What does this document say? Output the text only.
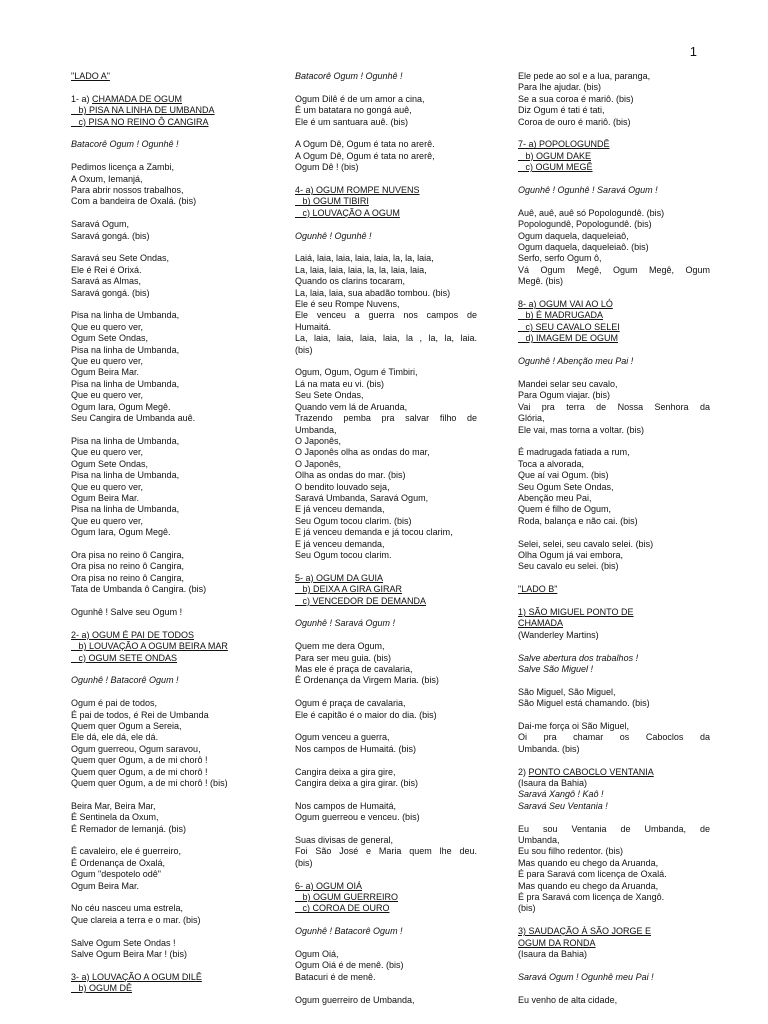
1
"LADO A"
1- a) CHAMADA DE OGUM
b) PISA NA LINHA DE UMBANDA
c) PISA NO REINO Ô CANGIRA
Batacorê Ogum ! Ogunhê !
Pedimos licença a Zambi,
A Oxum, Iemanjá,
Para abrir nossos trabalhos,
Com a bandeira de Oxalá. (bis)
Saravá Ogum,
Saravá gongá. (bis)
Saravá seu Sete Ondas,
Ele é Rei é Orixá.
Saravá as Almas,
Saravá gongá. (bis)
Pisa na linha de Umbanda,
Que eu quero ver,
Ogum Sete Ondas,
Pisa na linha de Umbanda,
Que eu quero ver,
Ogum Beira Mar.
Pisa na linha de Umbanda,
Que eu quero ver,
Ogum Iara, Ogum Megê.
Seu Cangira de Umbanda auê.
Pisa na linha de Umbanda,
Que eu quero ver,
Ogum Sete Ondas,
Pisa na linha de Umbanda,
Que eu quero ver,
Ogum Beira Mar.
Pisa na linha de Umbanda,
Que eu quero ver,
Ogum Iara, Ogum Megê.
Ora pisa no reino ô Cangira,
Ora pisa no reino ô Cangira,
Ora pisa no reino ô Cangira,
Tata de Umbanda ô Cangira. (bis)
Ogunhê ! Salve seu Ogum !
2- a) OGUM É PAI DE TODOS
b) LOUVAÇÃO A OGUM BEIRA MAR
c) OGUM SETE ONDAS
Ogunhê ! Batacorê Ogum !
Ogum é pai de todos,
É pai de todos, é Rei de Umbanda
Quem quer Ogum a Sereia,
Ele dá, ele dá, ele dá.
Ogum guerreou, Ogum saravou,
Quem quer Ogum, a de mi chorô !
Quem quer Ogum, a de mi chorô !
Quem quer Ogum, a de mi chorô ! (bis)
Beira Mar, Beira Mar,
É Sentinela da Oxum,
É Remador de Iemanjá. (bis)
É cavaleiro, ele é guerreiro,
É Ordenança de Oxalá,
Ogum "despotelo odê"
Ogum Beira Mar.
No céu nasceu uma estrela,
Que clareia a terra e o mar. (bis)
Salve Ogum Sete Ondas !
Salve Ogum Beira Mar ! (bis)
3- a) LOUVAÇÃO A OGUM DILÊ
b) OGUM DÊ
Batacorê Ogum ! Ogunhê !
Ogum Dilê é de um amor a cina,
É um batatara no gongá auê,
Ele é um santuara auê. (bis)
A Ogum Dê, Ogum é tata no arerê.
A Ogum Dê, Ogum é tata no arerê,
Ogum Dê ! (bis)
4- a) OGUM ROMPE NUVENS
b) OGUM TIBIRI
c) LOUVAÇÃO A OGUM
Ogunhê ! Ogunhê !
Laiá, laia, laia, laia, laia, la, la, laia,
La, laia, laia, laia, la, la, laia, laia,
Quando os clarins tocaram,
La, laia, laia, sua abadão tombou. (bis)
Ele é seu Rompe Nuvens,
Ele venceu a guerra nos campos de
Humaitá.
La, laia, laia, laia, laia, la , la, la, laia.
(bis)
Ogum, Ogum, Ogum é Timbiri,
Lá na mata eu vi. (bis)
Seu Sete Ondas,
Quando vem lá de Aruanda,
Trazendo pemba pra salvar filho de
Umbanda,
O Japonês,
O Japonês olha as ondas do mar,
O Japonês,
Olha as ondas do mar. (bis)
O bendito louvado seja,
Saravá Umbanda, Saravá Ogum,
E já venceu demanda,
Seu Ogum tocou clarim. (bis)
E já venceu demanda e já tocou clarim,
E já venceu demanda,
Seu Ogum tocou clarim.
5- a) OGUM DA GUIA
b) DEIXA A GIRA GIRAR
c) VENCEDOR DE DEMANDA
Ogunhê ! Saravá Ogum !
Quem me dera Ogum,
Para ser meu guia. (bis)
Mas ele é praça de cavalaria,
É Ordenança da Virgem Maria. (bis)
Ogum é praça de cavalaria,
Ele é capitão é o maior do dia. (bis)
Ogum venceu a guerra,
Nos campos de Humaitá. (bis)
Cangira deixa a gira gire,
Cangira deixa a gira girar. (bis)
Nos campos de Humaitá,
Ogum guerreou e venceu. (bis)
Suas divisas de general,
Foi São José e Maria quem lhe deu.
(bis)
6- a) OGUM OIÁ
b) OGUM GUERREIRO
c) COROA DE OURO
Ogunhê ! Batacorê Ogum !
Ogum Oiá,
Ogum Oiá é de menê. (bis)
Batacuri é de menê.
Ogum guerreiro de Umbanda,
Ele pede ao sol e a lua, paranga,
Para lhe ajudar. (bis)
Se a sua coroa é mariô. (bis)
Diz Ogum é tati é tati,
Coroa de ouro é mariô. (bis)
7- a) POPOLOGUNDÊ
b) OGUM DAKE
c) OGUM MEGÊ
Ogunhê ! Ogunhê ! Saravá Ogum !
Auê, auê, auê só Popologundê. (bis)
Popologundê, Popologundê. (bis)
Ogum daquela, daqueleiaô,
Ogum daquela, daqueleiaô. (bis)
Serfo, serfo Ogum ô,
Vá Ogum Megê, Ogum Megê, Ogum
Megê. (bis)
8- a) OGUM VAI AO LÓ
b) É MADRUGADA
c) SEU CAVALO SELEI
d) IMAGEM DE OGUM
Ogunhê ! Abenção meu Pai !
Mandei selar seu cavalo,
Para Ogum viajar. (bis)
Vai pra terra de Nossa Senhora da
Glória,
Ele vai, mas torna a voltar. (bis)
É madrugada fatiada a rum,
Toca a alvorada,
Que aí vai Ogum. (bis)
Seu Ogum Sete Ondas,
Abenção meu Pai,
Quem é filho de Ogum,
Roda, balança e não cai. (bis)
Selei, selei, seu cavalo selei. (bis)
Olha Ogum já vai embora,
Seu cavalo eu selei. (bis)
"LADO B"
1) SÃO MIGUEL PONTO DE
CHAMADA
(Wanderley Martins)
Salve abertura dos trabalhos !
Salve São Miguel !
São Miguel, São Miguel,
São Miguel está chamando. (bis)
Dai-me força oi São Miguel,
Oi pra chamar os Caboclos da
Umbanda. (bis)
2) PONTO CABOCLO VENTANIA
(Isaura da Bahia)
Saravá Xangô ! Kaô !
Saravá Seu Ventania !
Eu sou Ventania de Umbanda, de
Umbanda,
Eu sou filho redentor. (bis)
Mas quando eu chego da Aruanda,
É para Saravá com licença de Oxalá.
Mas quando eu chego da Aruanda,
É pra Saravá com licença de Xangô.
(bis)
3) SAUDAÇÃO À SÃO JORGE E
OGUM DA RONDA
(Isaura da Bahia)
Saravá Ogum ! Ogunhê meu Pai !
Eu venho de alta cidade,
